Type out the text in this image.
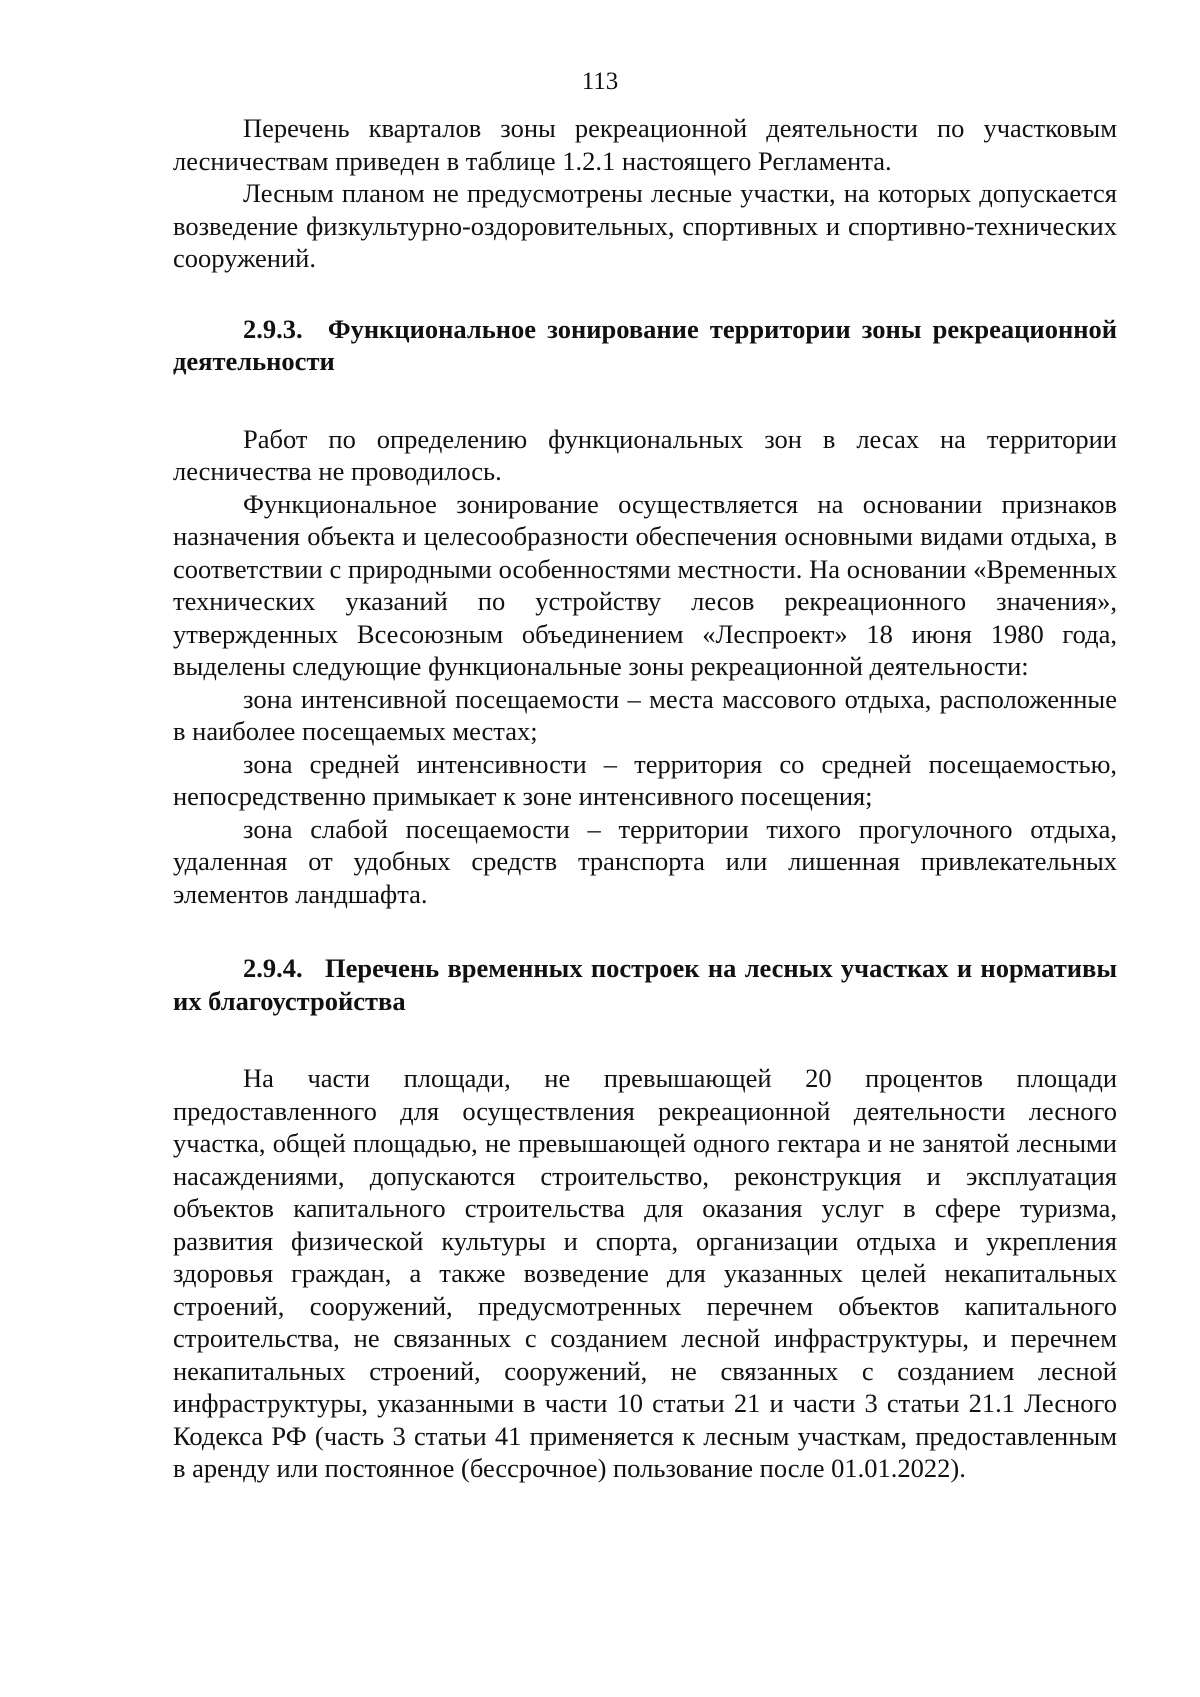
113

Перечень кварталов зоны рекреационной деятельности по участковым лесничествам приведен в таблице 1.2.1 настоящего Регламента.

Лесным планом не предусмотрены лесные участки, на которых допускается возведение физкультурно-оздоровительных, спортивных и спортивно-технических сооружений.

2.9.3. Функциональное зонирование территории зоны рекреационной деятельности

Работ по определению функциональных зон в лесах на территории лесничества не проводилось.

Функциональное зонирование осуществляется на основании признаков назначения объекта и целесообразности обеспечения основными видами отдыха, в соответствии с природными особенностями местности. На основании «Временных технических указаний по устройству лесов рекреационного значения», утвержденных Всесоюзным объединением «Леспроект» 18 июня 1980 года, выделены следующие функциональные зоны рекреационной деятельности:

зона интенсивной посещаемости – места массового отдыха, расположенные в наиболее посещаемых местах;

зона средней интенсивности – территория со средней посещаемостью, непосредственно примыкает к зоне интенсивного посещения;

зона слабой посещаемости – территории тихого прогулочного отдыха, удаленная от удобных средств транспорта или лишенная привлекательных элементов ландшафта.

2.9.4. Перечень временных построек на лесных участках и нормативы их благоустройства

На части площади, не превышающей 20 процентов площади предоставленного для осуществления рекреационной деятельности лесного участка, общей площадью, не превышающей одного гектара и не занятой лесными насаждениями, допускаются строительство, реконструкция и эксплуатация объектов капитального строительства для оказания услуг в сфере туризма, развития физической культуры и спорта, организации отдыха и укрепления здоровья граждан, а также возведение для указанных целей некапитальных строений, сооружений, предусмотренных перечнем объектов капитального строительства, не связанных с созданием лесной инфраструктуры, и перечнем некапитальных строений, сооружений, не связанных с созданием лесной инфраструктуры, указанными в части 10 статьи 21 и части 3 статьи 21.1 Лесного Кодекса РФ (часть 3 статьи 41 применяется к лесным участкам, предоставленным в аренду или постоянное (бессрочное) пользование после 01.01.2022).
